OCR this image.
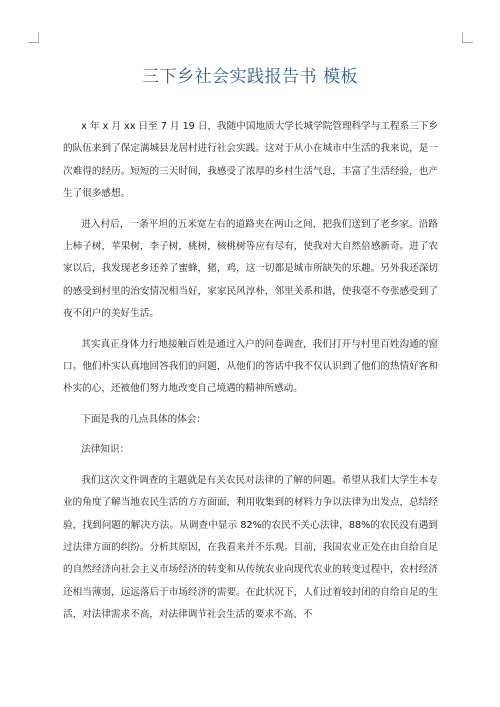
三下乡社会实践报告书 模板

x 年 x 月 xx 日至 7 月 19 日，我随中国地质大学长城学院管理科学与工程系三下乡的队伍来到了保定满城县龙居村进行社会实践。这对于从小在城市中生活的我来说，是一次难得的经历。短短的三天时间，我感受了浓厚的乡村生活气息，丰富了生活经验，也产生了很多感想。

进入村后，一条平坦的五米宽左右的道路夹在两山之间，把我们送到了老乡家。沿路上柿子树，苹果树，李子树，桃树，核桃树等应有尽有，使我对大自然倍感新奇。进了农家以后，我发现老乡还养了蜜蜂，猪，鸡，这一切都是城市所缺失的乐趣。另外我还深切的感受到村里的治安情况相当好，家家民风淳朴，邻里关系和谐，使我毫不夸张感受到了夜不闭户的美好生活。

其实真正身体力行地接触百姓是通过入户的问卷调查，我们打开与村里百姓沟通的窗口。他们朴实认真地回答我们的问题，从他们的答话中我不仅认识到了他们的热情好客和朴实的心，还被他们努力地改变自己境遇的精神所感动。

下面是我的几点具体的体会：

法律知识：

我们这次文件调查的主题就是有关农民对法律的了解的问题。希望从我们大学生本专业的角度了解当地农民生活的方方面面，利用收集到的材料力争以法律为出发点，总结经验，找到问题的解决方法。从调查中显示 82%的农民不关心法律，88%的农民没有遇到过法律方面的纠纷。分析其原因，在我看来并不乐观。目前，我国农业正处在由自给自足的自然经济向社会主义市场经济的转变和从传统农业向现代农业的转变过程中，农村经济还相当薄弱，远远落后于市场经济的需要。在此状况下，人们过着较封闭的自给自足的生活，对法律需求不高，对法律调节社会生活的要求不高、不
